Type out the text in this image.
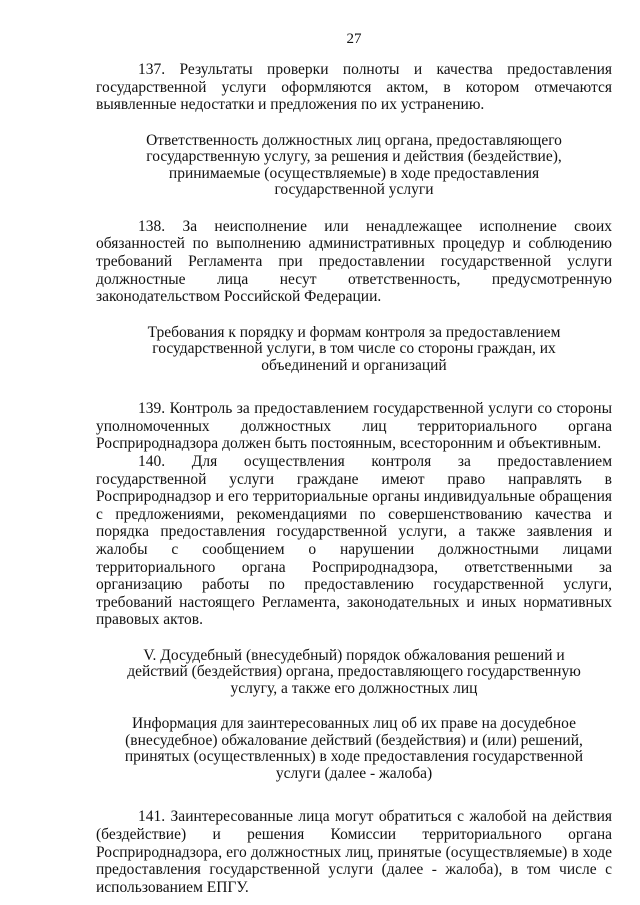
27

137. Результаты проверки полноты и качества предоставления государственной услуги оформляются актом, в котором отмечаются выявленные недостатки и предложения по их устранению.

Ответственность должностных лиц органа, предоставляющего государственную услугу, за решения и действия (бездействие), принимаемые (осуществляемые) в ходе предоставления государственной услуги

138. За неисполнение или ненадлежащее исполнение своих обязанностей по выполнению административных процедур и соблюдению требований Регламента при предоставлении государственной услуги должностные лица несут ответственность, предусмотренную законодательством Российской Федерации.

Требования к порядку и формам контроля за предоставлением государственной услуги, в том числе со стороны граждан, их объединений и организаций

139. Контроль за предоставлением государственной услуги со стороны уполномоченных должностных лиц территориального органа Росприроднадзора должен быть постоянным, всесторонним и объективным.

140. Для осуществления контроля за предоставлением государственной услуги граждане имеют право направлять в Росприроднадзор и его территориальные органы индивидуальные обращения с предложениями, рекомендациями по совершенствованию качества и порядка предоставления государственной услуги, а также заявления и жалобы с сообщением о нарушении должностными лицами территориального органа Росприроднадзора, ответственными за организацию работы по предоставлению государственной услуги, требований настоящего Регламента, законодательных и иных нормативных правовых актов.

V. Досудебный (внесудебный) порядок обжалования решений и действий (бездействия) органа, предоставляющего государственную услугу, а также его должностных лиц

Информация для заинтересованных лиц об их праве на досудебное (внесудебное) обжалование действий (бездействия) и (или) решений, принятых (осуществленных) в ходе предоставления государственной услуги (далее - жалоба)

141. Заинтересованные лица могут обратиться с жалобой на действия (бездействие) и решения Комиссии территориального органа Росприроднадзора, его должностных лиц, принятые (осуществляемые) в ходе предоставления государственной услуги (далее - жалоба), в том числе с использованием ЕПГУ.
